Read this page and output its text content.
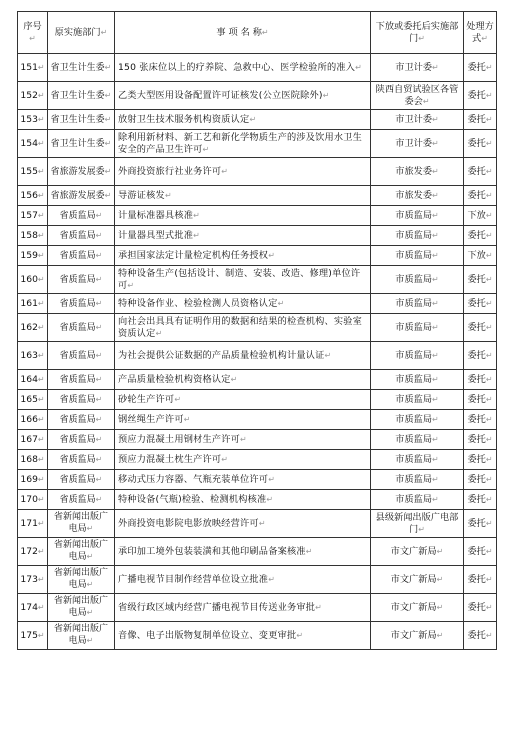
序号↵	原实施部门↵	事 项 名 称↵	下放或委托后实施部门↵	处理方式↵
151↵	省卫生计生委↵	150 张床位以上的疗养院、急救中心、医学检验所的准入↵	市卫计委↵	委托↵
152↵	省卫生计生委↵	乙类大型医用设备配置许可证核发(公立医院除外)↵	陕西自贸试验区各管委会↵	委托↵
153↵	省卫生计生委↵	放射卫生技术服务机构资质认定↵	市卫计委↵	委托↵
154↵	省卫生计生委↵	除利用新材料、新工艺和新化学物质生产的涉及饮用水卫生安全的产品卫生许可↵	市卫计委↵	委托↵
155↵	省旅游发展委↵	外商投资旅行社业务许可↵	市旅发委↵	委托↵
156↵	省旅游发展委↵	导游证核发↵	市旅发委↵	委托↵
157↵	省质监局↵	计量标准器具核准↵	市质监局↵	下放↵
158↵	省质监局↵	计量器具型式批准↵	市质监局↵	委托↵
159↵	省质监局↵	承担国家法定计量检定机构任务授权↵	市质监局↵	下放↵
160↵	省质监局↵	特种设备生产(包括设计、制造、安装、改造、修理)单位许可↵	市质监局↵	委托↵
161↵	省质监局↵	特种设备作业、检验检测人员资格认定↵	市质监局↵	委托↵
162↵	省质监局↵	向社会出具具有证明作用的数据和结果的检查机构、实验室资质认定↵	市质监局↵	委托↵
163↵	省质监局↵	为社会提供公证数据的产品质量检验机构计量认证↵	市质监局↵	委托↵
164↵	省质监局↵	产品质量检验机构资格认定↵	市质监局↵	委托↵
165↵	省质监局↵	砂轮生产许可↵	市质监局↵	委托↵
166↵	省质监局↵	钢丝绳生产许可↵	市质监局↵	委托↵
167↵	省质监局↵	预应力混凝土用钢材生产许可↵	市质监局↵	委托↵
168↵	省质监局↵	预应力混凝土枕生产许可↵	市质监局↵	委托↵
169↵	省质监局↵	移动式压力容器、气瓶充装单位许可↵	市质监局↵	委托↵
170↵	省质监局↵	特种设备(气瓶)检验、检测机构核准↵	市质监局↵	委托↵
171↵	省新闻出版广电局↵	外商投资电影院电影放映经营许可↵	县级新闻出版广电部门↵	委托↵
172↵	省新闻出版广电局↵	承印加工境外包装装潢和其他印刷品备案核准↵	市文广新局↵	委托↵
173↵	省新闻出版广电局↵	广播电视节目制作经营单位设立批准↵	市文广新局↵	委托↵
174↵	省新闻出版广电局↵	省级行政区域内经营广播电视节目传送业务审批↵	市文广新局↵	委托↵
175↵	省新闻出版广电局↵	音像、电子出版物复制单位设立、变更审批↵	市文广新局↵	委托↵
